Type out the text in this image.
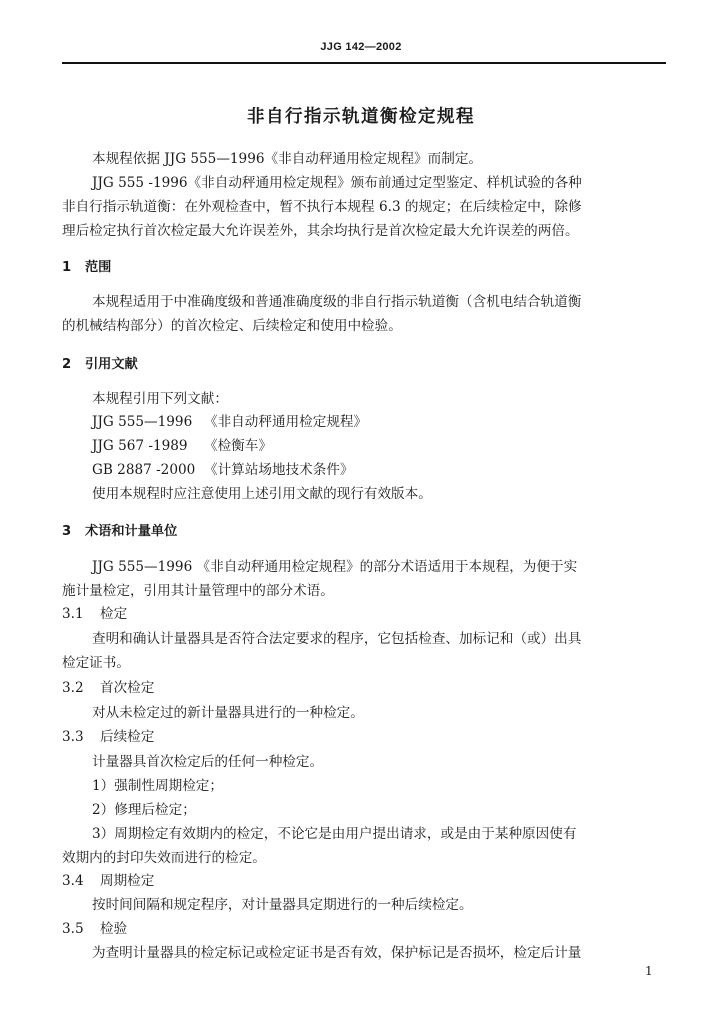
JJG 142—2002
非自行指示轨道衡检定规程
本规程依据 JJG 555—1996《非自动秤通用检定规程》而制定。
JJG 555 -1996《非自动秤通用检定规程》颁布前通过定型鉴定、样机试验的各种
非自行指示轨道衡：在外观检查中，暂不执行本规程 6.3 的规定；在后续检定中，除修
理后检定执行首次检定最大允许误差外，其余均执行是首次检定最大允许误差的两倍。
1 范围
本规程适用于中准确度级和普通准确度级的非自行指示轨道衡（含机电结合轨道衡
的机械结构部分）的首次检定、后续检定和使用中检验。
2 引用文献
本规程引用下列文献：
JJG 555—1996 《非自动秤通用检定规程》
JJG 567 -1989 《检衡车》
GB 2887 -2000 《计算站场地技术条件》
使用本规程时应注意使用上述引用文献的现行有效版本。
3 术语和计量单位
JJG 555—1996 《非自动秤通用检定规程》的部分术语适用于本规程，为便于实
施计量检定，引用其计量管理中的部分术语。
3.1 检定
查明和确认计量器具是否符合法定要求的程序，它包括检查、加标记和（或）出具
检定证书。
3.2 首次检定
对从未检定过的新计量器具进行的一种检定。
3.3 后续检定
计量器具首次检定后的任何一种检定。
1）强制性周期检定；
2）修理后检定；
3）周期检定有效期内的检定，不论它是由用户提出请求，或是由于某种原因使有
效期内的封印失效而进行的检定。
3.4 周期检定
按时间间隔和规定程序，对计量器具定期进行的一种后续检定。
3.5 检验
为查明计量器具的检定标记或检定证书是否有效，保护标记是否损坏，检定后计量
1
